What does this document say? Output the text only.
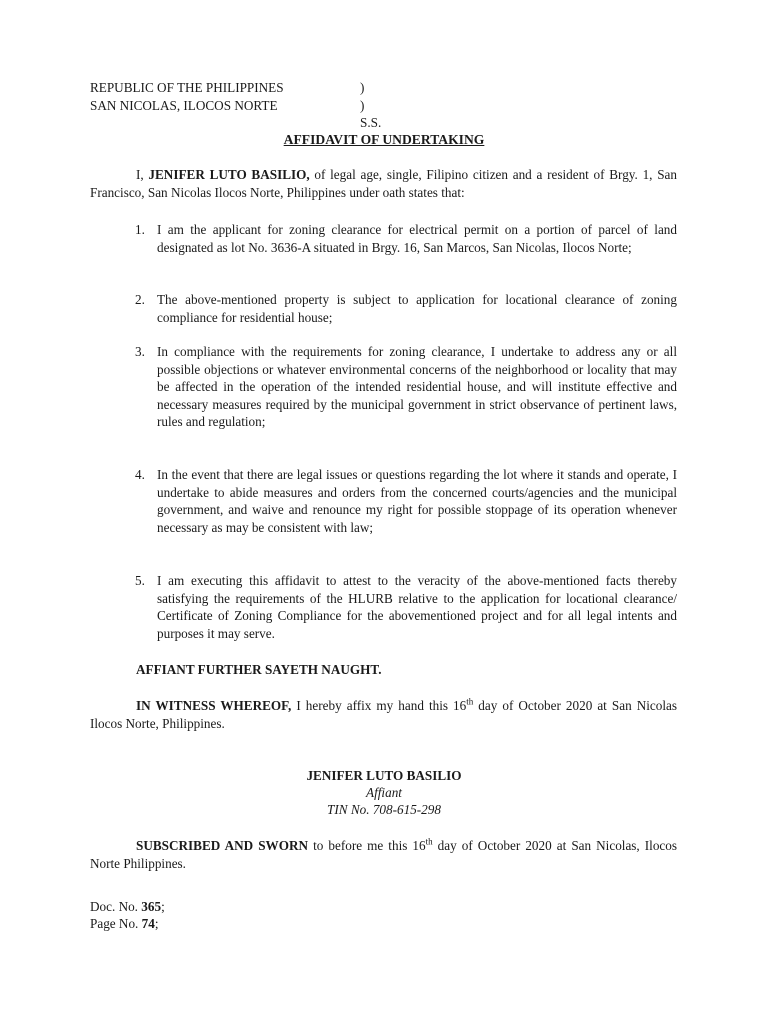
REPUBLIC OF THE PHILIPPINES	)
SAN NICOLAS, ILOCOS NORTE	) S.S.
AFFIDAVIT OF UNDERTAKING
I, JENIFER LUTO BASILIO, of legal age, single, Filipino citizen and a resident of Brgy. 1, San Francisco, San Nicolas Ilocos Norte, Philippines under oath states that:
1. I am the applicant for zoning clearance for electrical permit on a portion of parcel of land designated as lot No. 3636-A situated in Brgy. 16, San Marcos, San Nicolas, Ilocos Norte;
2. The above-mentioned property is subject to application for locational clearance of zoning compliance for residential house;
3. In compliance with the requirements for zoning clearance, I undertake to address any or all possible objections or whatever environmental concerns of the neighborhood or locality that may be affected in the operation of the intended residential house, and will institute effective and necessary measures required by the municipal government in strict observance of pertinent laws, rules and regulation;
4. In the event that there are legal issues or questions regarding the lot where it stands and operate, I undertake to abide measures and orders from the concerned courts/agencies and the municipal government, and waive and renounce my right for possible stoppage of its operation whenever necessary as may be consistent with law;
5. I am executing this affidavit to attest to the veracity of the above-mentioned facts thereby satisfying the requirements of the HLURB relative to the application for locational clearance/ Certificate of Zoning Compliance for the abovementioned project and for all legal intents and purposes it may serve.
AFFIANT FURTHER SAYETH NAUGHT.
IN WITNESS WHEREOF, I hereby affix my hand this 16th day of October 2020 at San Nicolas Ilocos Norte, Philippines.
JENIFER LUTO BASILIO
Affiant
TIN No. 708-615-298
SUBSCRIBED AND SWORN to before me this 16th day of October 2020 at San Nicolas, Ilocos Norte Philippines.
Doc. No. 365;
Page No. 74;
